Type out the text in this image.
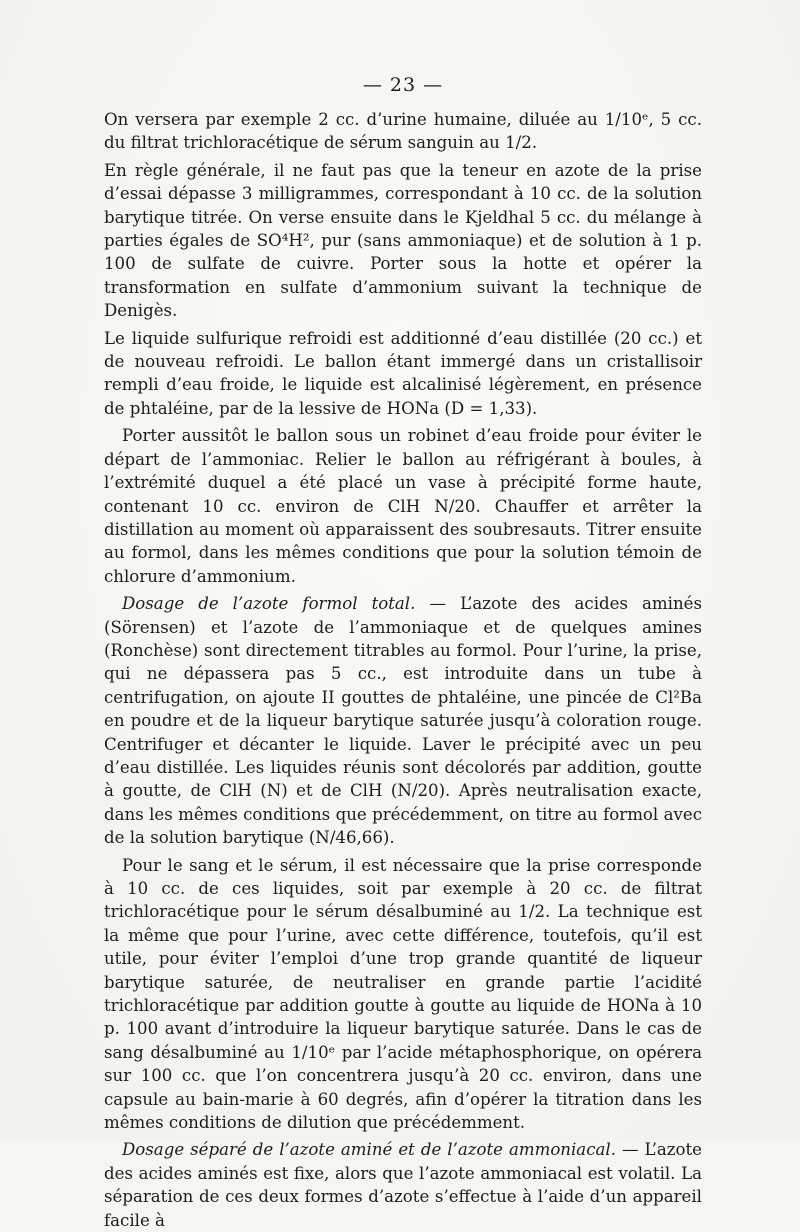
— 23 —

On versera par exemple 2 cc. d’urine humaine, diluée au 1/10ᵉ, 5 cc. du filtrat trichloracétique de sérum sanguin au 1/2.

En règle générale, il ne faut pas que la teneur en azote de la prise d’essai dépasse 3 milligrammes, correspondant à 10 cc. de la solution barytique titrée. On verse ensuite dans le Kjeldhal 5 cc. du mélange à parties égales de SO⁴H², pur (sans ammoniaque) et de solution à 1 p. 100 de sulfate de cuivre. Porter sous la hotte et opérer la transformation en sulfate d’ammonium suivant la technique de Denigès.

Le liquide sulfurique refroidi est additionné d’eau distillée (20 cc.) et de nouveau refroidi. Le ballon étant immergé dans un cristallisoir rempli d’eau froide, le liquide est alcalinisé légèrement, en présence de phtaléine, par de la lessive de HONa (D = 1,33).

Porter aussitôt le ballon sous un robinet d’eau froide pour éviter le départ de l’ammoniac. Relier le ballon au réfrigérant à boules, à l’extrémité duquel a été placé un vase à précipité forme haute, contenant 10 cc. environ de ClH N/20. Chauffer et arrêter la distillation au moment où apparaissent des soubresauts. Titrer ensuite au formol, dans les mêmes conditions que pour la solution témoin de chlorure d’ammonium.

Dosage de l’azote formol total. — L’azote des acides aminés (Sörensen) et l’azote de l’ammoniaque et de quelques amines (Ronchèse) sont directement titrables au formol. Pour l’urine, la prise, qui ne dépassera pas 5 cc., est introduite dans un tube à centrifugation, on ajoute II gouttes de phtaléine, une pincée de Cl²Ba en poudre et de la liqueur barytique saturée jusqu’à coloration rouge. Centrifuger et décanter le liquide. Laver le précipité avec un peu d’eau distillée. Les liquides réunis sont décolorés par addition, goutte à goutte, de ClH (N) et de ClH (N/20). Après neutralisation exacte, dans les mêmes conditions que précédemment, on titre au formol avec de la solution barytique (N/46,66).

Pour le sang et le sérum, il est nécessaire que la prise corresponde à 10 cc. de ces liquides, soit par exemple à 20 cc. de filtrat trichloracétique pour le sérum désalbuminé au 1/2. La technique est la même que pour l’urine, avec cette différence, toutefois, qu’il est utile, pour éviter l’emploi d’une trop grande quantité de liqueur barytique saturée, de neutraliser en grande partie l’acidité trichloracétique par addition goutte à goutte au liquide de HONa à 10 p. 100 avant d’introduire la liqueur barytique saturée. Dans le cas de sang désalbuminé au 1/10ᵉ par l’acide métaphosphorique, on opérera sur 100 cc. que l’on concentrera jusqu’à 20 cc. environ, dans une capsule au bain-marie à 60 degrés, afin d’opérer la titration dans les mêmes conditions de dilution que précédemment.

Dosage séparé de l’azote aminé et de l’azote ammoniacal. — L’azote des acides aminés est fixe, alors que l’azote ammoniacal est volatil. La séparation de ces deux formes d’azote s’effectue à l’aide d’un appareil facile à
